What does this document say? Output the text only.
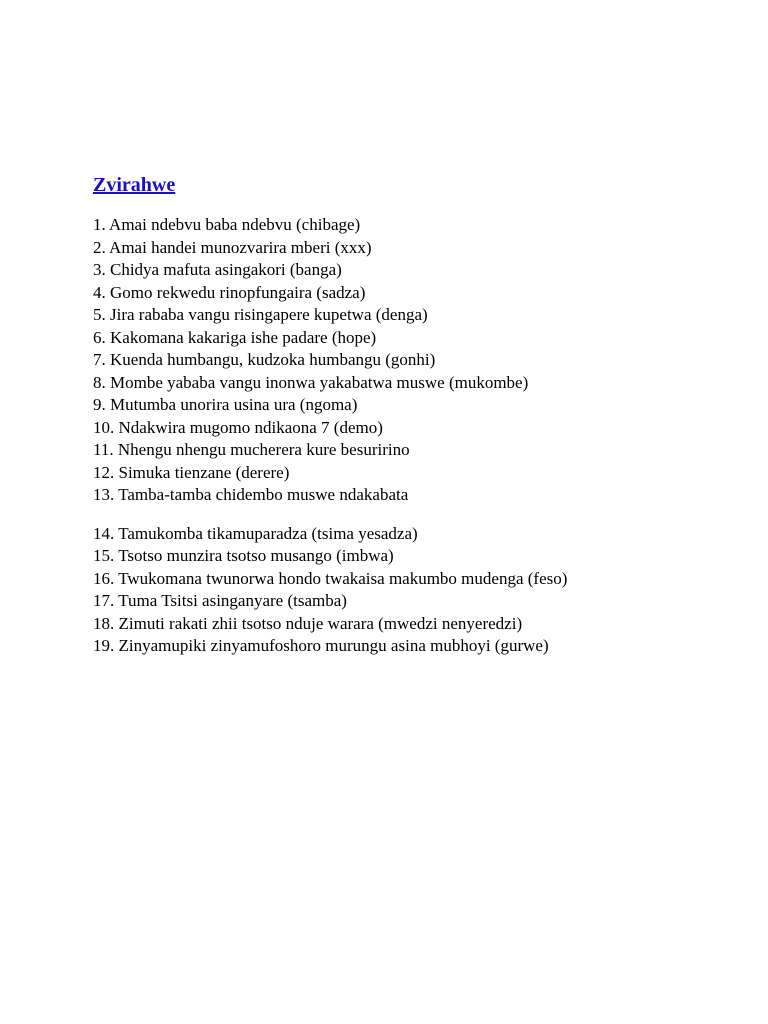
Zvirahwe
1. Amai ndebvu baba ndebvu (chibage)
2. Amai handei munozvarira mberi (xxx)
3. Chidya mafuta asingakori (banga)
4. Gomo rekwedu rinopfungaira (sadza)
5. Jira rababa vangu risingapere kupetwa (denga)
6. Kakomana kakariga ishe padare (hope)
7. Kuenda humbangu, kudzoka humbangu (gonhi)
8. Mombe yababa vangu inonwa yakabatwa muswe (mukombe)
9. Mutumba unorira usina ura (ngoma)
10. Ndakwira mugomo ndikaona 7 (demo)
11. Nhengu nhengu mucherera kure besuririno
12. Simuka tienzane (derere)
13. Tamba-tamba chidembo muswe ndakabata
14. Tamukomba tikamuparadza (tsima yesadza)
15. Tsotso munzira tsotso musango (imbwa)
16. Twukomana twunorwa hondo twakaisa makumbo mudenga (feso)
17. Tuma Tsitsi asinganyare (tsamba)
18. Zimuti rakati zhii tsotso nduje warara (mwedzi nenyeredzi)
19. Zinyamupiki zinyamufoshoro murungu asina mubhoyi (gurwe)
